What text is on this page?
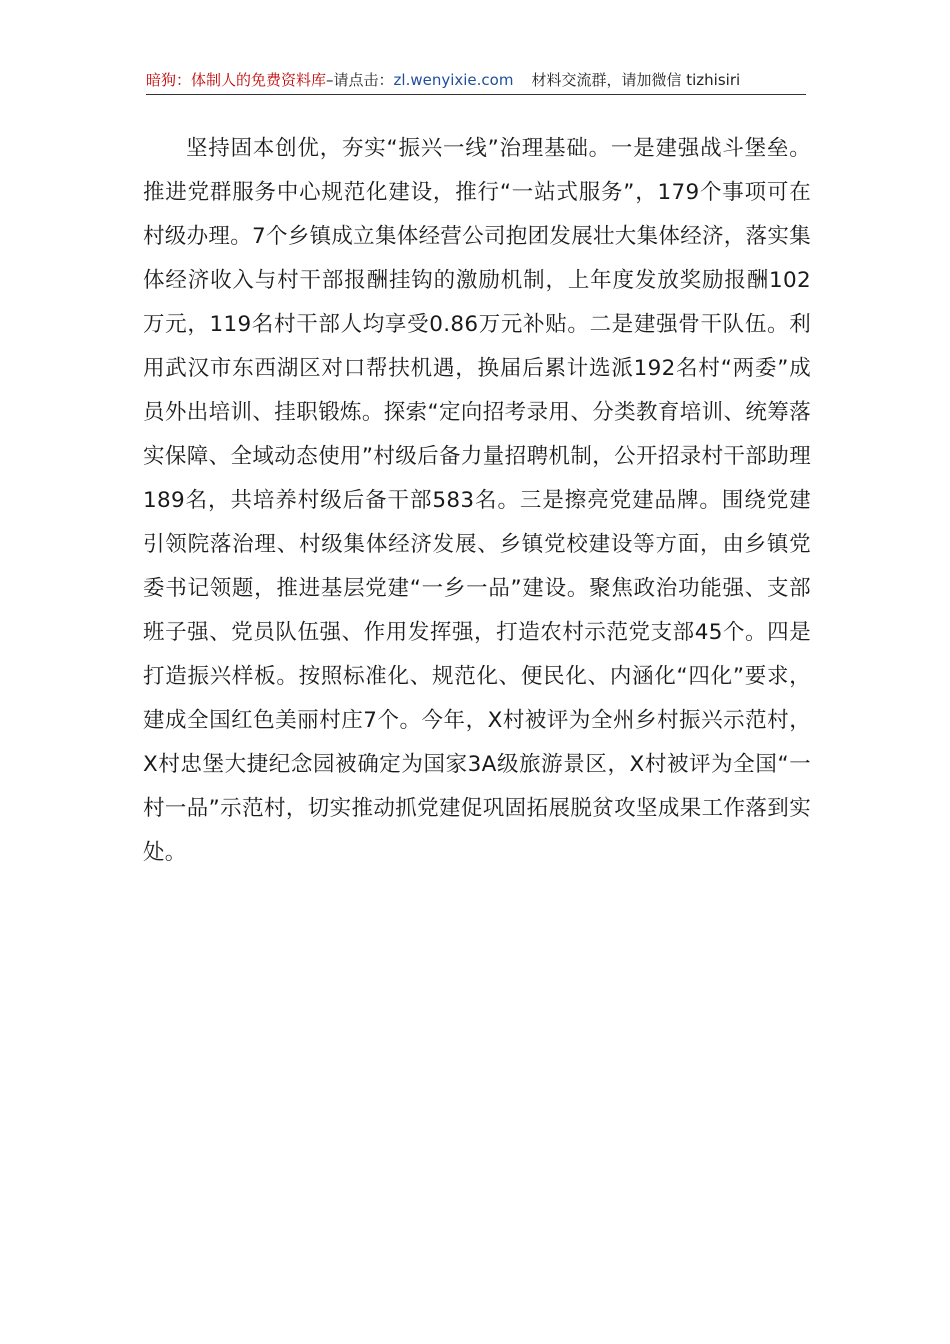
暗狗：体制人的免费资料库–请点击：zl.wenyixie.com 材料交流群，请加微信 tizhisiri

坚持固本创优，夯实“振兴一线”治理基础。一是建强战斗堡垒。推进党群服务中心规范化建设，推行“一站式服务”，179个事项可在村级办理。7个乡镇成立集体经营公司抱团发展壮大集体经济，落实集体经济收入与村干部报酬挂钩的激励机制，上年度发放奖励报酬102万元，119名村干部人均享受0.86万元补贴。二是建强骨干队伍。利用武汉市东西湖区对口帮扶机遇，换届后累计选派192名村“两委”成员外出培训、挂职锻炼。探索“定向招考录用、分类教育培训、统筹落实保障、全域动态使用”村级后备力量招聘机制，公开招录村干部助理189名，共培养村级后备干部583名。三是擦亮党建品牌。围绕党建引领院落治理、村级集体经济发展、乡镇党校建设等方面，由乡镇党委书记领题，推进基层党建“一乡一品”建设。聚焦政治功能强、支部班子强、党员队伍强、作用发挥强，打造农村示范党支部45个。四是打造振兴样板。按照标准化、规范化、便民化、内涵化“四化”要求，建成全国红色美丽村庄7个。今年，X村被评为全州乡村振兴示范村，X村忠堡大捷纪念园被确定为国家3A级旅游景区，X村被评为全国“一村一品”示范村，切实推动抓党建促巩固拓展脱贫攻坚成果工作落到实处。
